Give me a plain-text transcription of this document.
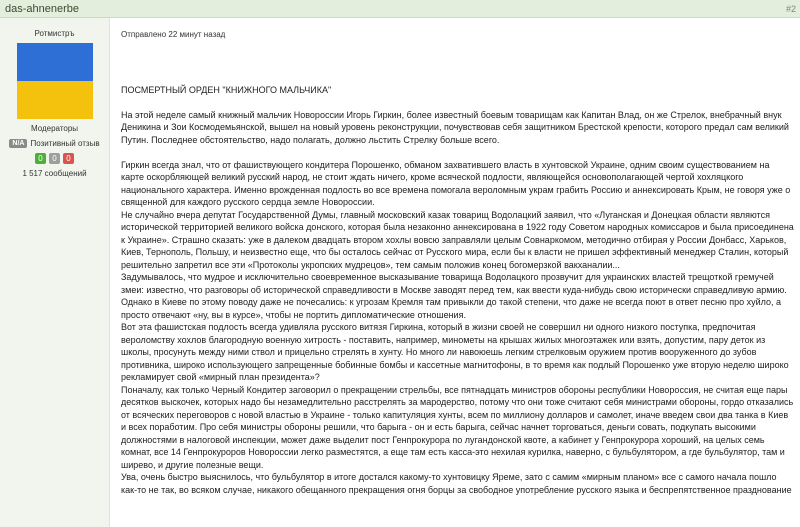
das-ahnenerbe	#2
Ротмистръ
Модераторы
N/A Позитивный отзыв
0	0	0
1 517 сообщений
Отправлено 22 минут назад
ПОСМЕРТНЫЙ ОРДЕН "КНИЖНОГО МАЛЬЧИКА"

На этой неделе самый книжный мальчик Новороссии Игорь Гиркин, более известный боевым товарищам как Капитан Влад, он же Стрелок, внебрачный внук Деникина и Зои Космодемьянской, вышел на новый уровень реконструкции, почувствовав себя защитником Брестской крепости, которого предал сам великий Путин. Последнее обстоятельство, надо полагать, должно льстить Стрелку больше всего.

Гиркин всегда знал, что от фашиствующего кондитера Порошенко, обманом захватившего власть в хунтовской Украине, одним своим существованием на карте оскорбляющей великий русский народ, не стоит ждать ничего, кроме всяческой подлости, являющейся основополагающей чертой хохляцкого национального характера. Именно врожденная подлость во все времена помогала вероломным украм грабить Россию и аннексировать Крым, не говоря уже о священной для каждого русского сердца земле Новороссии.

Не случайно вчера депутат Государственной Думы, главный московский казак товарищ Водолацкий заявил, что «Луганская и Донецкая области являются исторической территорией великого войска донского, которая была незаконно аннексирована в 1922 году Советом народных комиссаров и была присоединена к Украине». Страшно сказать: уже в далеком двадцать втором хохлы вовсю заправляли целым Совнаркомом, методично отбирая у России Донбасс, Харьков, Киев, Тернополь, Польшу, и неизвестно еще, что бы осталось сейчас от Русского мира, если бы к власти не пришел эффективный менеджер Сталин, который решительно запретил все эти «Протоколы укропских мудрецов», тем самым положив конец богомерзкой вакханалии...

Задумывалось, что мудрое и исключительно своевременное высказывание товарища Водолацкого прозвучит для украинских властей трещоткой гремучей змеи: известно, что разговоры об исторической справедливости в Москве заводят перед тем, как ввести куда-нибудь свою исторически справедливую армию. Однако в Киеве по этому поводу даже не почесались: к угрозам Кремля там привыкли до такой степени, что даже не всегда поют в ответ песню про хуйло, а просто отвечают «ну, вы в курсе», чтобы не портить дипломатические отношения.

Вот эта фашистская подлость всегда удивляла русского витязя Гиркина, который в жизни своей не совершил ни одного низкого поступка, предпочитая вероломству хохлов благородную военную хитрость - поставить, например, минометы на крышах жилых многоэтажек или взять, допустим, пару деток из школы, просунуть между ними ствол и прицельно стрелять в хунту. Но много ли навоюешь легким стрелковым оружием против вооруженного до зубов противника, широко использующего запрещенные бобинные бомбы и кассетные магнитофоны, в то время как подлый Порошенко уже вторую неделю широко рекламирует свой «мирный план президента»?

Поначалу, как только Черный Кондитер заговорил о прекращении стрельбы, все пятнадцать министров обороны республики Новороссия, не считая еще пары десятков выскочек, которых надо бы незамедлительно расстрелять за мародерство, потому что они тоже считают себя министрами обороны, гордо отказались от всяческих переговоров с новой властью в Украине - только капитуляция хунты, всем по миллиону долларов и самолет, иначе введем свои два танка в Киев и всех поработим. Про себя министры обороны решили, что барыга - он и есть барыга, сейчас начнет торговаться, деньги совать, подкупать высокими должностями в налоговой инспекции, может даже выделит пост Генпрокурора по лугандонской квоте, а кабинет у Генпрокурора хороший, на целых семь комнат, все 14 Генпрокуроров Новороссии легко разместятся, а еще там есть касса-это нехилая курилка, наверно, с бульбулятором, а где бульбулятор, там и ширево, и другие полезные вещи.

Ува, очень быстро выяснилось, что бульбулятор в итоге достался какому-то хунтовицку Яреме, зато с самим «мирным планом» все с самого начала пошло как-то не так, во всяком случае, никакого обещанного прекращения огня борцы за свободное употребление русского языка и беспрепятственное празднование
